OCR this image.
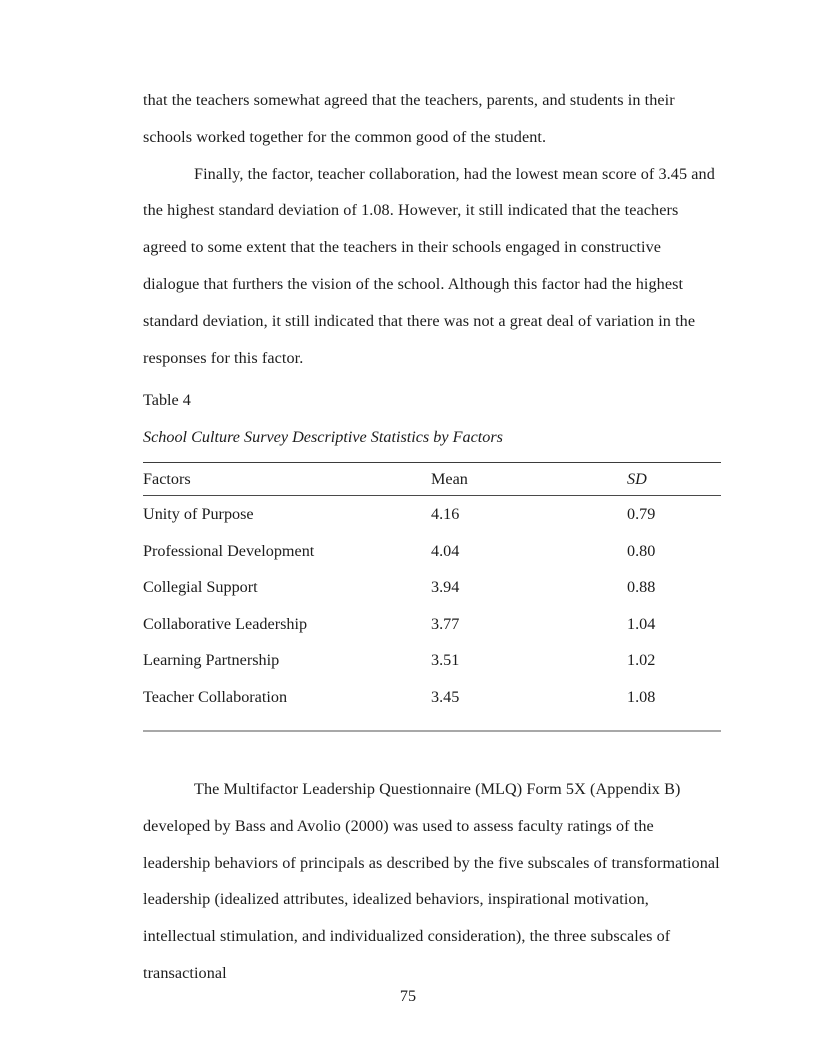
that the teachers somewhat agreed that the teachers, parents, and students in their schools worked together for the common good of the student.

Finally, the factor, teacher collaboration, had the lowest mean score of 3.45 and the highest standard deviation of 1.08. However, it still indicated that the teachers agreed to some extent that the teachers in their schools engaged in constructive dialogue that furthers the vision of the school. Although this factor had the highest standard deviation, it still indicated that there was not a great deal of variation in the responses for this factor.

Table 4
School Culture Survey Descriptive Statistics by Factors
Factors	Mean	SD
Unity of Purpose	4.16	0.79
Professional Development	4.04	0.80
Collegial Support	3.94	0.88
Collaborative Leadership	3.77	1.04
Learning Partnership	3.51	1.02
Teacher Collaboration	3.45	1.08

The Multifactor Leadership Questionnaire (MLQ) Form 5X (Appendix B) developed by Bass and Avolio (2000) was used to assess faculty ratings of the leadership behaviors of principals as described by the five subscales of transformational leadership (idealized attributes, idealized behaviors, inspirational motivation, intellectual stimulation, and individualized consideration), the three subscales of transactional

75
